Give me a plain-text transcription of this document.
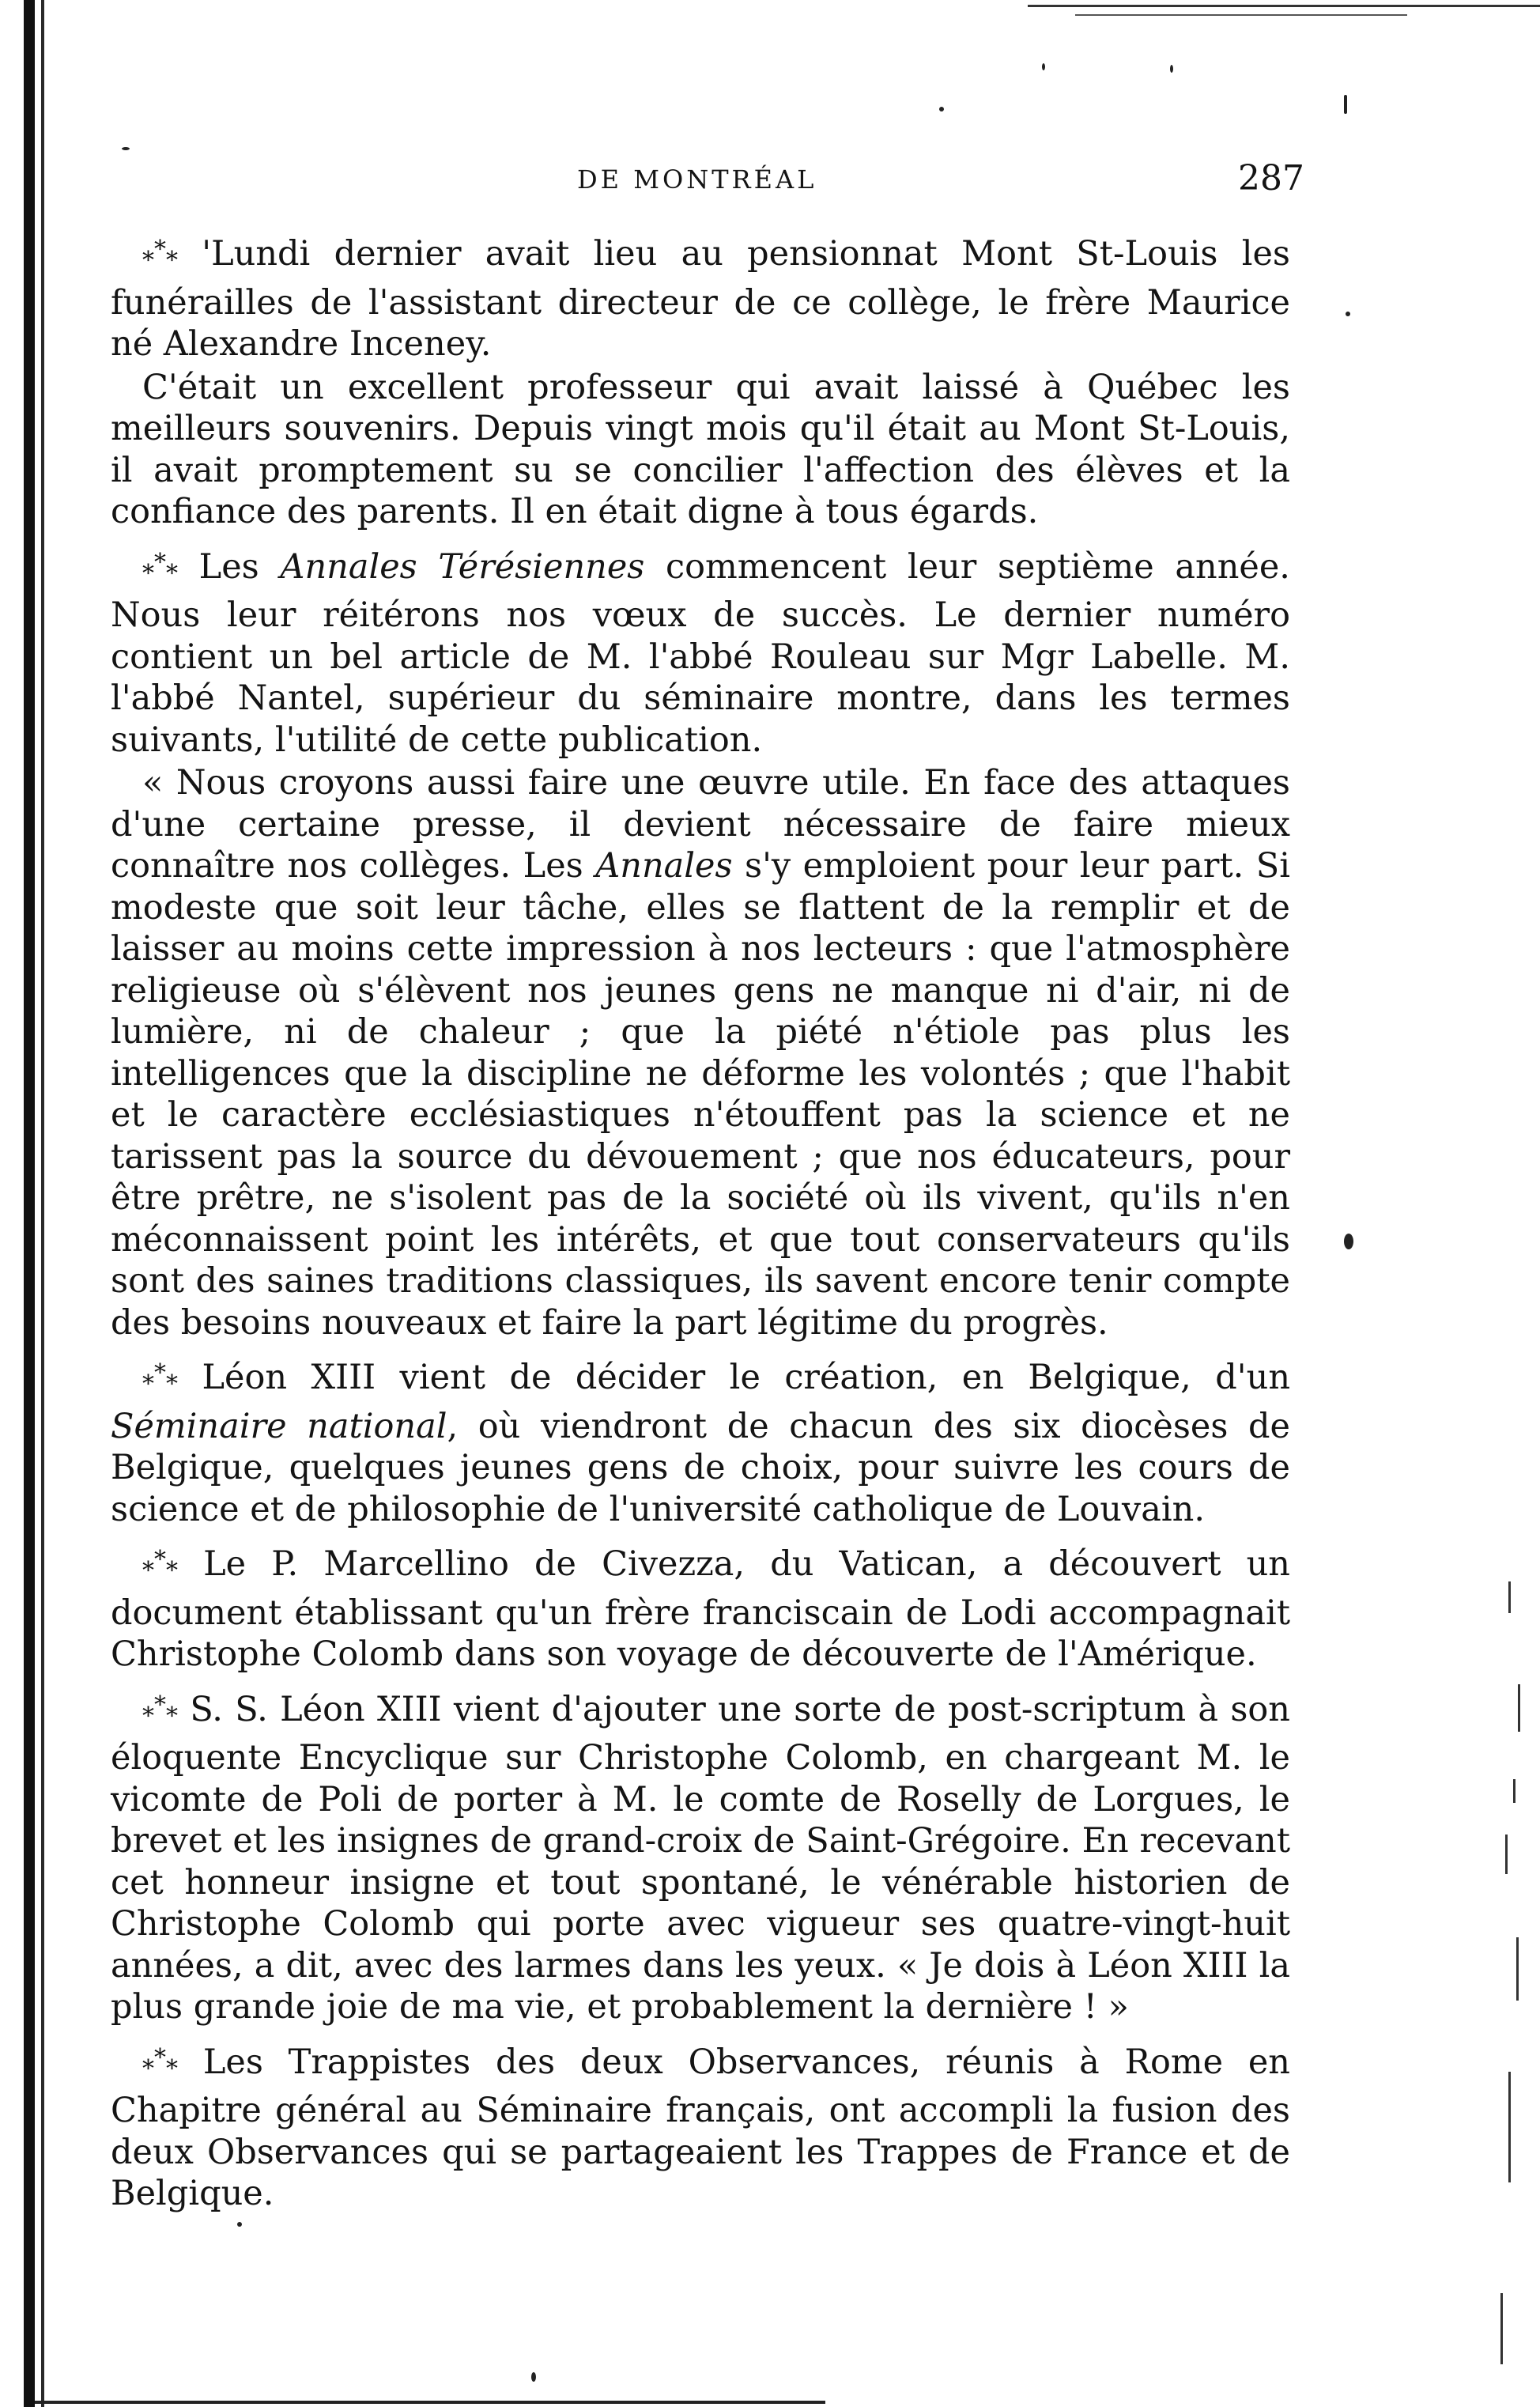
DE MONTRÉAL	287

*** 'Lundi dernier avait lieu au pensionnat Mont St-Louis les funérailles de l'assistant directeur de ce collège, le frère Maurice né Alexandre Inceney.

C'était un excellent professeur qui avait laissé à Québec les meilleurs souvenirs. Depuis vingt mois qu'il était au Mont St-Louis, il avait promptement su se concilier l'affection des élèves et la confiance des parents. Il en était digne à tous égards.

*** Les Annales Térésiennes commencent leur septième année. Nous leur réitérons nos vœux de succès. Le dernier numéro contient un bel article de M. l'abbé Rouleau sur Mgr Labelle. M. l'abbé Nantel, supérieur du séminaire montre, dans les termes suivants, l'utilité de cette publication.

« Nous croyons aussi faire une œuvre utile. En face des attaques d'une certaine presse, il devient nécessaire de faire mieux connaître nos collèges. Les Annales s'y emploient pour leur part. Si modeste que soit leur tâche, elles se flattent de la remplir et de laisser au moins cette impression à nos lecteurs : que l'atmosphère religieuse où s'élèvent nos jeunes gens ne manque ni d'air, ni de lumière, ni de chaleur ; que la piété n'étiole pas plus les intelligences que la discipline ne déforme les volontés ; que l'habit et le caractère ecclésiastiques n'étouffent pas la science et ne tarissent pas la source du dévouement ; que nos éducateurs, pour être prêtre, ne s'isolent pas de la société où ils vivent, qu'ils n'en méconnaissent point les intérêts, et que tout conservateurs qu'ils sont des saines traditions classiques, ils savent encore tenir compte des besoins nouveaux et faire la part légitime du progrès.

*** Léon XIII vient de décider le création, en Belgique, d'un Séminaire national, où viendront de chacun des six diocèses de Belgique, quelques jeunes gens de choix, pour suivre les cours de science et de philosophie de l'université catholique de Louvain.

*** Le P. Marcellino de Civezza, du Vatican, a découvert un document établissant qu'un frère franciscain de Lodi accompagnait Christophe Colomb dans son voyage de découverte de l'Amérique.

*** S. S. Léon XIII vient d'ajouter une sorte de post-scriptum à son éloquente Encyclique sur Christophe Colomb, en chargeant M. le vicomte de Poli de porter à M. le comte de Roselly de Lorgues, le brevet et les insignes de grand-croix de Saint-Grégoire. En recevant cet honneur insigne et tout spontané, le vénérable historien de Christophe Colomb qui porte avec vigueur ses quatre-vingt-huit années, a dit, avec des larmes dans les yeux. « Je dois à Léon XIII la plus grande joie de ma vie, et probablement la dernière ! »

*** Les Trappistes des deux Observances, réunis à Rome en Chapitre général au Séminaire français, ont accompli la fusion des deux Observances qui se partageaient les Trappes de France et de Belgique.
